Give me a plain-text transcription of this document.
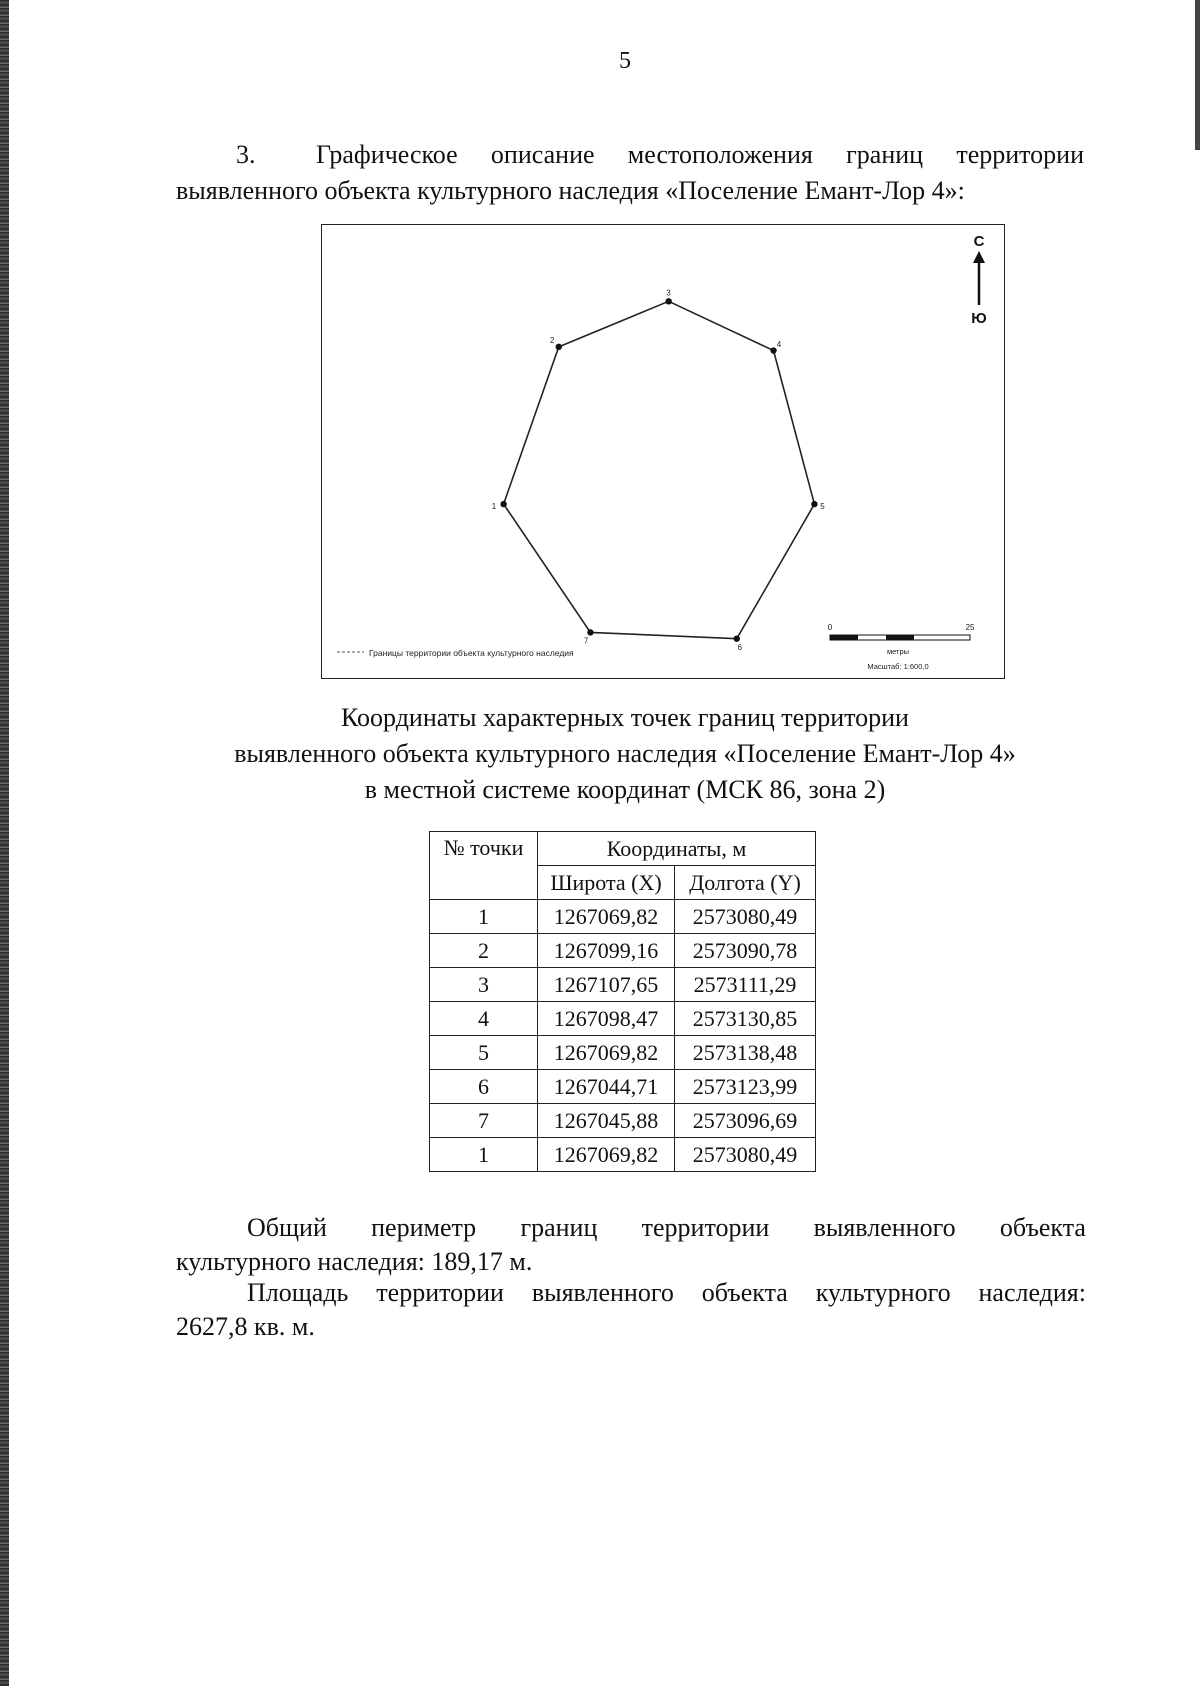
5
3.	Графическое описание местоположения границ территории
выявленного объекта культурного наследия «Поселение Емант-Лор 4»:
1
2
3
4
5
6
7
С
Ю
Границы территории объекта культурного наследия
0	25
метры
Масштаб: 1:600,0
Координаты характерных точек границ территории
выявленного объекта культурного наследия «Поселение Емант-Лор 4»
в местной системе координат (МСК 86, зона 2)
№ точки	Координаты, м	
	Широта (X)	Долгота (Y)
1	1267069,82	2573080,49
2	1267099,16	2573090,78
3	1267107,65	2573111,29
4	1267098,47	2573130,85
5	1267069,82	2573138,48
6	1267044,71	2573123,99
7	1267045,88	2573096,69
1	1267069,82	2573080,49
Общий периметр границ территории выявленного объекта
культурного наследия: 189,17 м.
Площадь территории выявленного объекта культурного наследия:
2627,8 кв. м.
